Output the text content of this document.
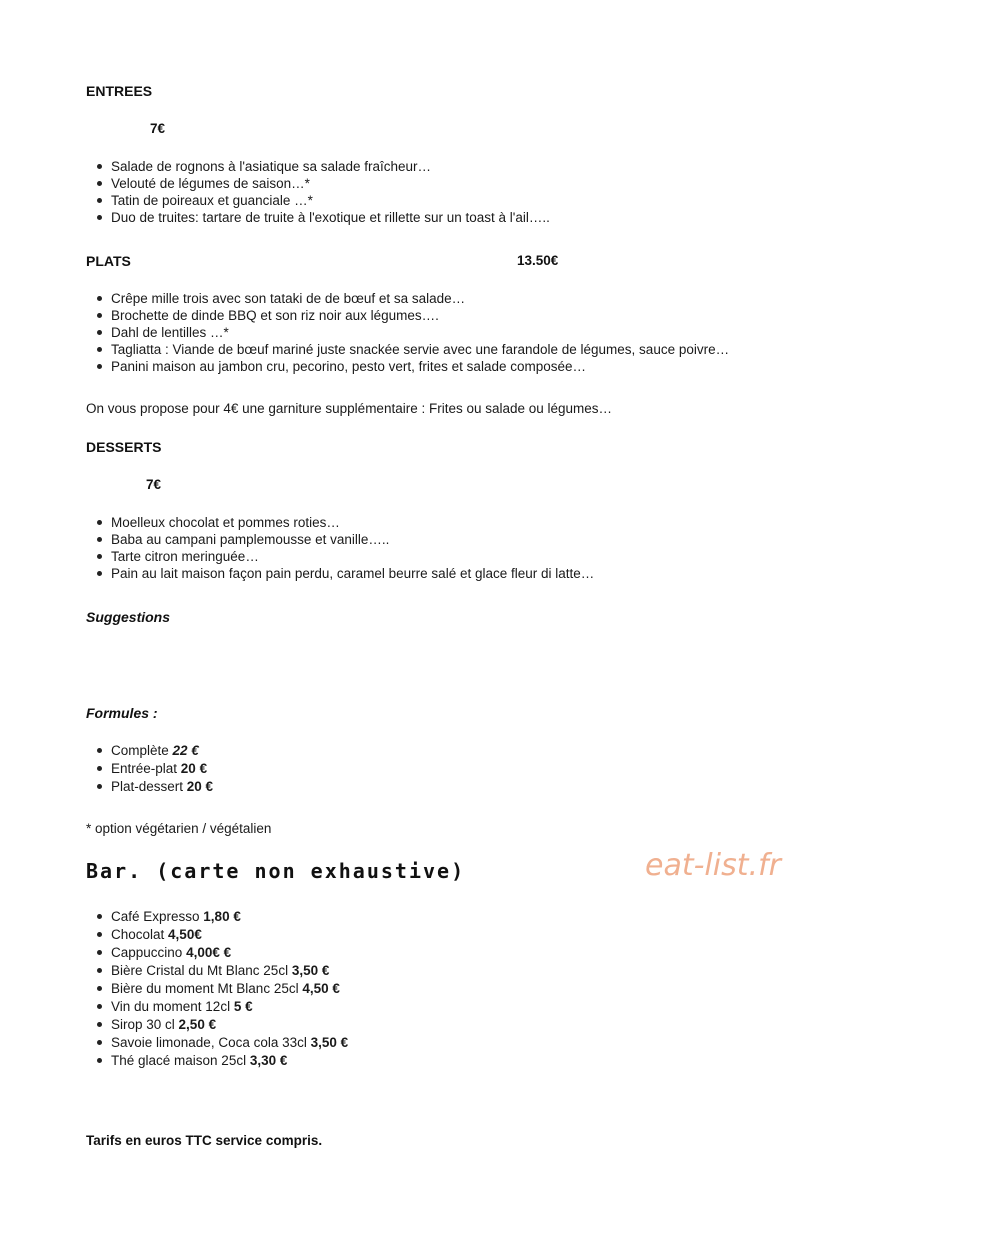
ENTREES
7€
Salade de rognons à l'asiatique sa salade fraîcheur…
Velouté de légumes de saison…*
Tatin de poireaux et guanciale …*
Duo de truites: tartare de truite à l'exotique et rillette sur un toast à l'ail…..
PLATS	13.50€
Crêpe mille trois avec son tataki de de bœuf et sa salade…
Brochette de dinde BBQ et son riz noir aux légumes….
Dahl de lentilles …*
Tagliatta : Viande de bœuf mariné juste snackée servie avec une farandole de légumes, sauce poivre…
Panini maison au jambon cru, pecorino, pesto vert, frites et salade composée…
On vous propose pour 4€ une garniture supplémentaire : Frites ou salade ou légumes…
DESSERTS
7€
Moelleux chocolat et pommes roties…
Baba au campani pamplemousse et vanille…..
Tarte citron meringuée…
Pain au lait maison façon pain perdu, caramel beurre salé et glace fleur di latte…
Suggestions
Formules :
Complète 22 €
Entrée-plat 20 €
Plat-dessert 20 €
* option végétarien / végétalien
Bar. (carte non exhaustive)	eat-list.fr
Café Expresso 1,80 €
Chocolat 4,50€
Cappuccino 4,00€ €
Bière Cristal du Mt Blanc 25cl 3,50 €
Bière du moment Mt Blanc 25cl 4,50 €
Vin du moment 12cl 5 €
Sirop 30 cl 2,50 €
Savoie limonade, Coca cola 33cl 3,50 €
Thé glacé maison 25cl 3,30 €
Tarifs en euros TTC service compris.
